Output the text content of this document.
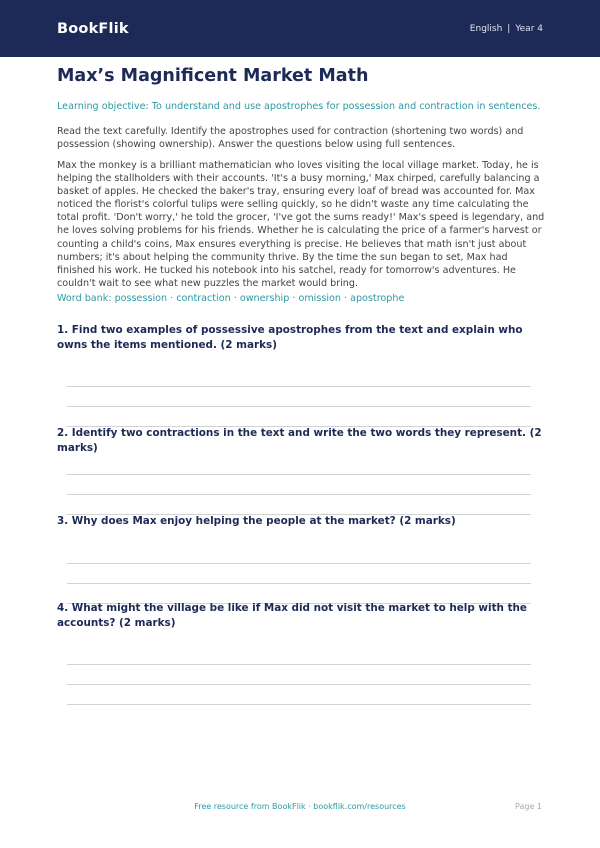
BookFlik	English | Year 4
Max’s Magnificent Market Math

Learning objective: To understand and use apostrophes for possession and contraction in sentences.

Read the text carefully. Identify the apostrophes used for contraction (shortening two words) and possession (showing ownership). Answer the questions below using full sentences.

Max the monkey is a brilliant mathematician who loves visiting the local village market. Today, he is helping the stallholders with their accounts. 'It's a busy morning,' Max chirped, carefully balancing a basket of apples. He checked the baker's tray, ensuring every loaf of bread was accounted for. Max noticed the florist's colorful tulips were selling quickly, so he didn't waste any time calculating the total profit. 'Don't worry,' he told the grocer, 'I've got the sums ready!' Max's speed is legendary, and he loves solving problems for his friends. Whether he is calculating the price of a farmer's harvest or counting a child's coins, Max ensures everything is precise. He believes that math isn't just about numbers; it's about helping the community thrive. By the time the sun began to set, Max had finished his work. He tucked his notebook into his satchel, ready for tomorrow's adventures. He couldn't wait to see what new puzzles the market would bring.

Word bank: possession · contraction · ownership · omission · apostrophe

1. Find two examples of possessive apostrophes from the text and explain who owns the items mentioned. (2 marks)

2. Identify two contractions in the text and write the two words they represent. (2 marks)

3. Why does Max enjoy helping the people at the market? (2 marks)

4. What might the village be like if Max did not visit the market to help with the accounts? (2 marks)

Free resource from BookFlik · bookflik.com/resources	Page 1
